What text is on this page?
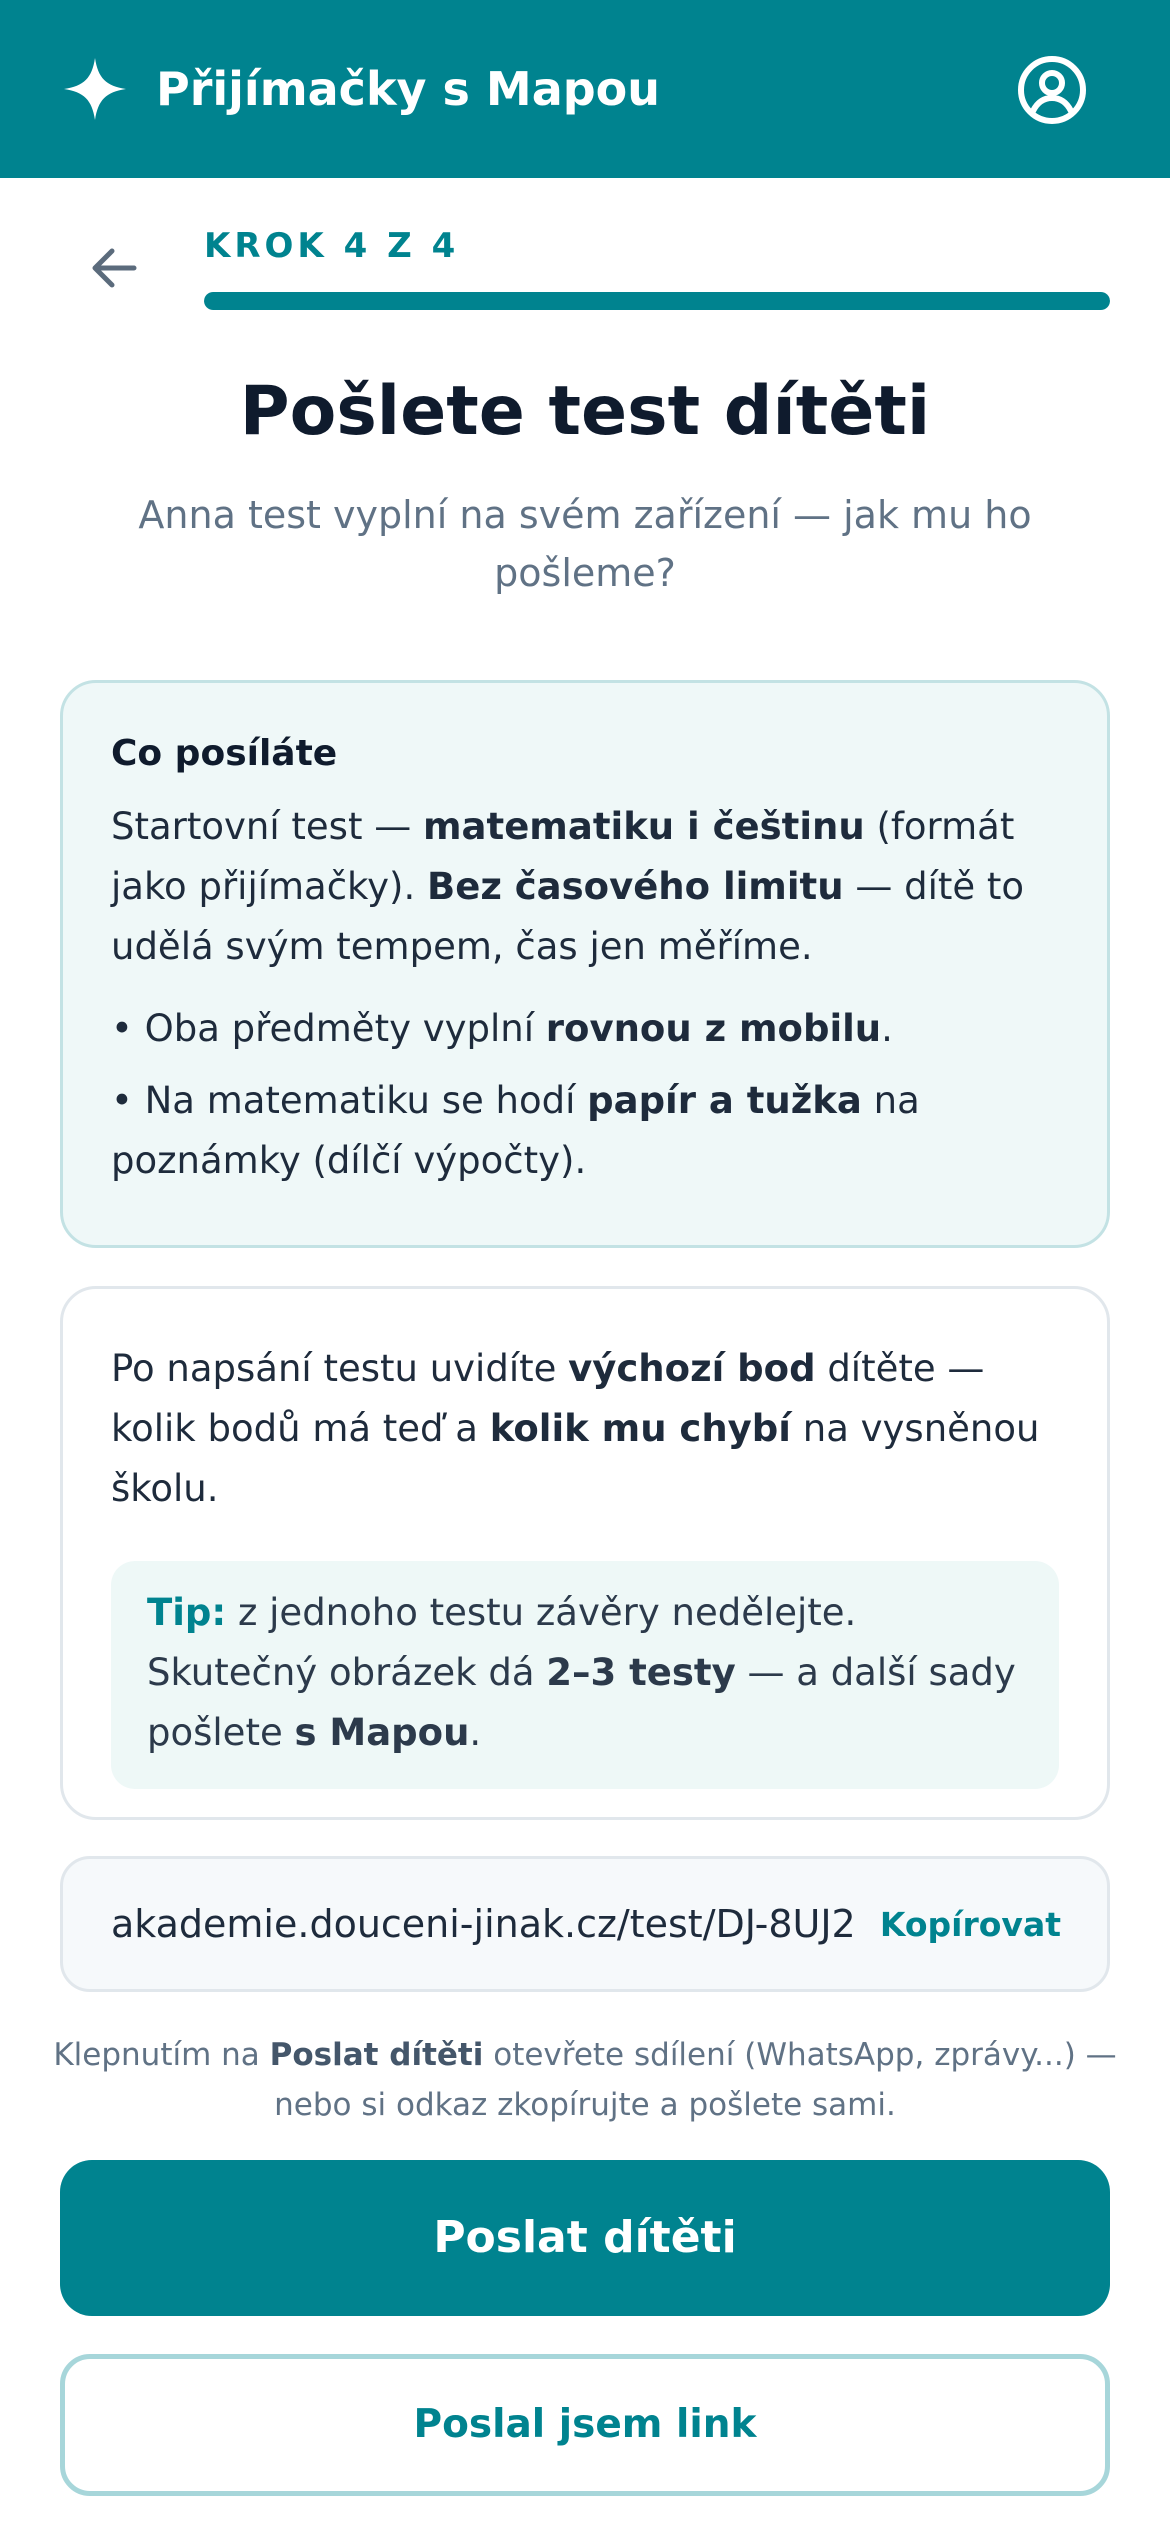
Přijímačky s Mapou
KROK 4 Z 4
Pošlete test dítěti

Anna test vyplní na svém zařízení — jak mu ho pošleme?

Co posíláte

Startovní test — matematiku i češtinu (formát jako přijímačky). Bez časového limitu — dítě to udělá svým tempem, čas jen měříme.

• Oba předměty vyplní rovnou z mobilu.

• Na matematiku se hodí papír a tužka na poznámky (dílčí výpočty).

Po napsání testu uvidíte výchozí bod dítěte — kolik bodů má teď a kolik mu chybí na vysněnou školu.

Tip: z jednoho testu závěry nedělejte. Skutečný obrázek dá 2–3 testy — a další sady pošlete s Mapou.

akademie.douceni-jinak.cz/test/DJ-8UJ2 Kopírovat

Klepnutím na Poslat dítěti otevřete sdílení (WhatsApp, zprávy...) — nebo si odkaz zkopírujte a pošlete sami.

Poslat dítěti
Poslal jsem link
